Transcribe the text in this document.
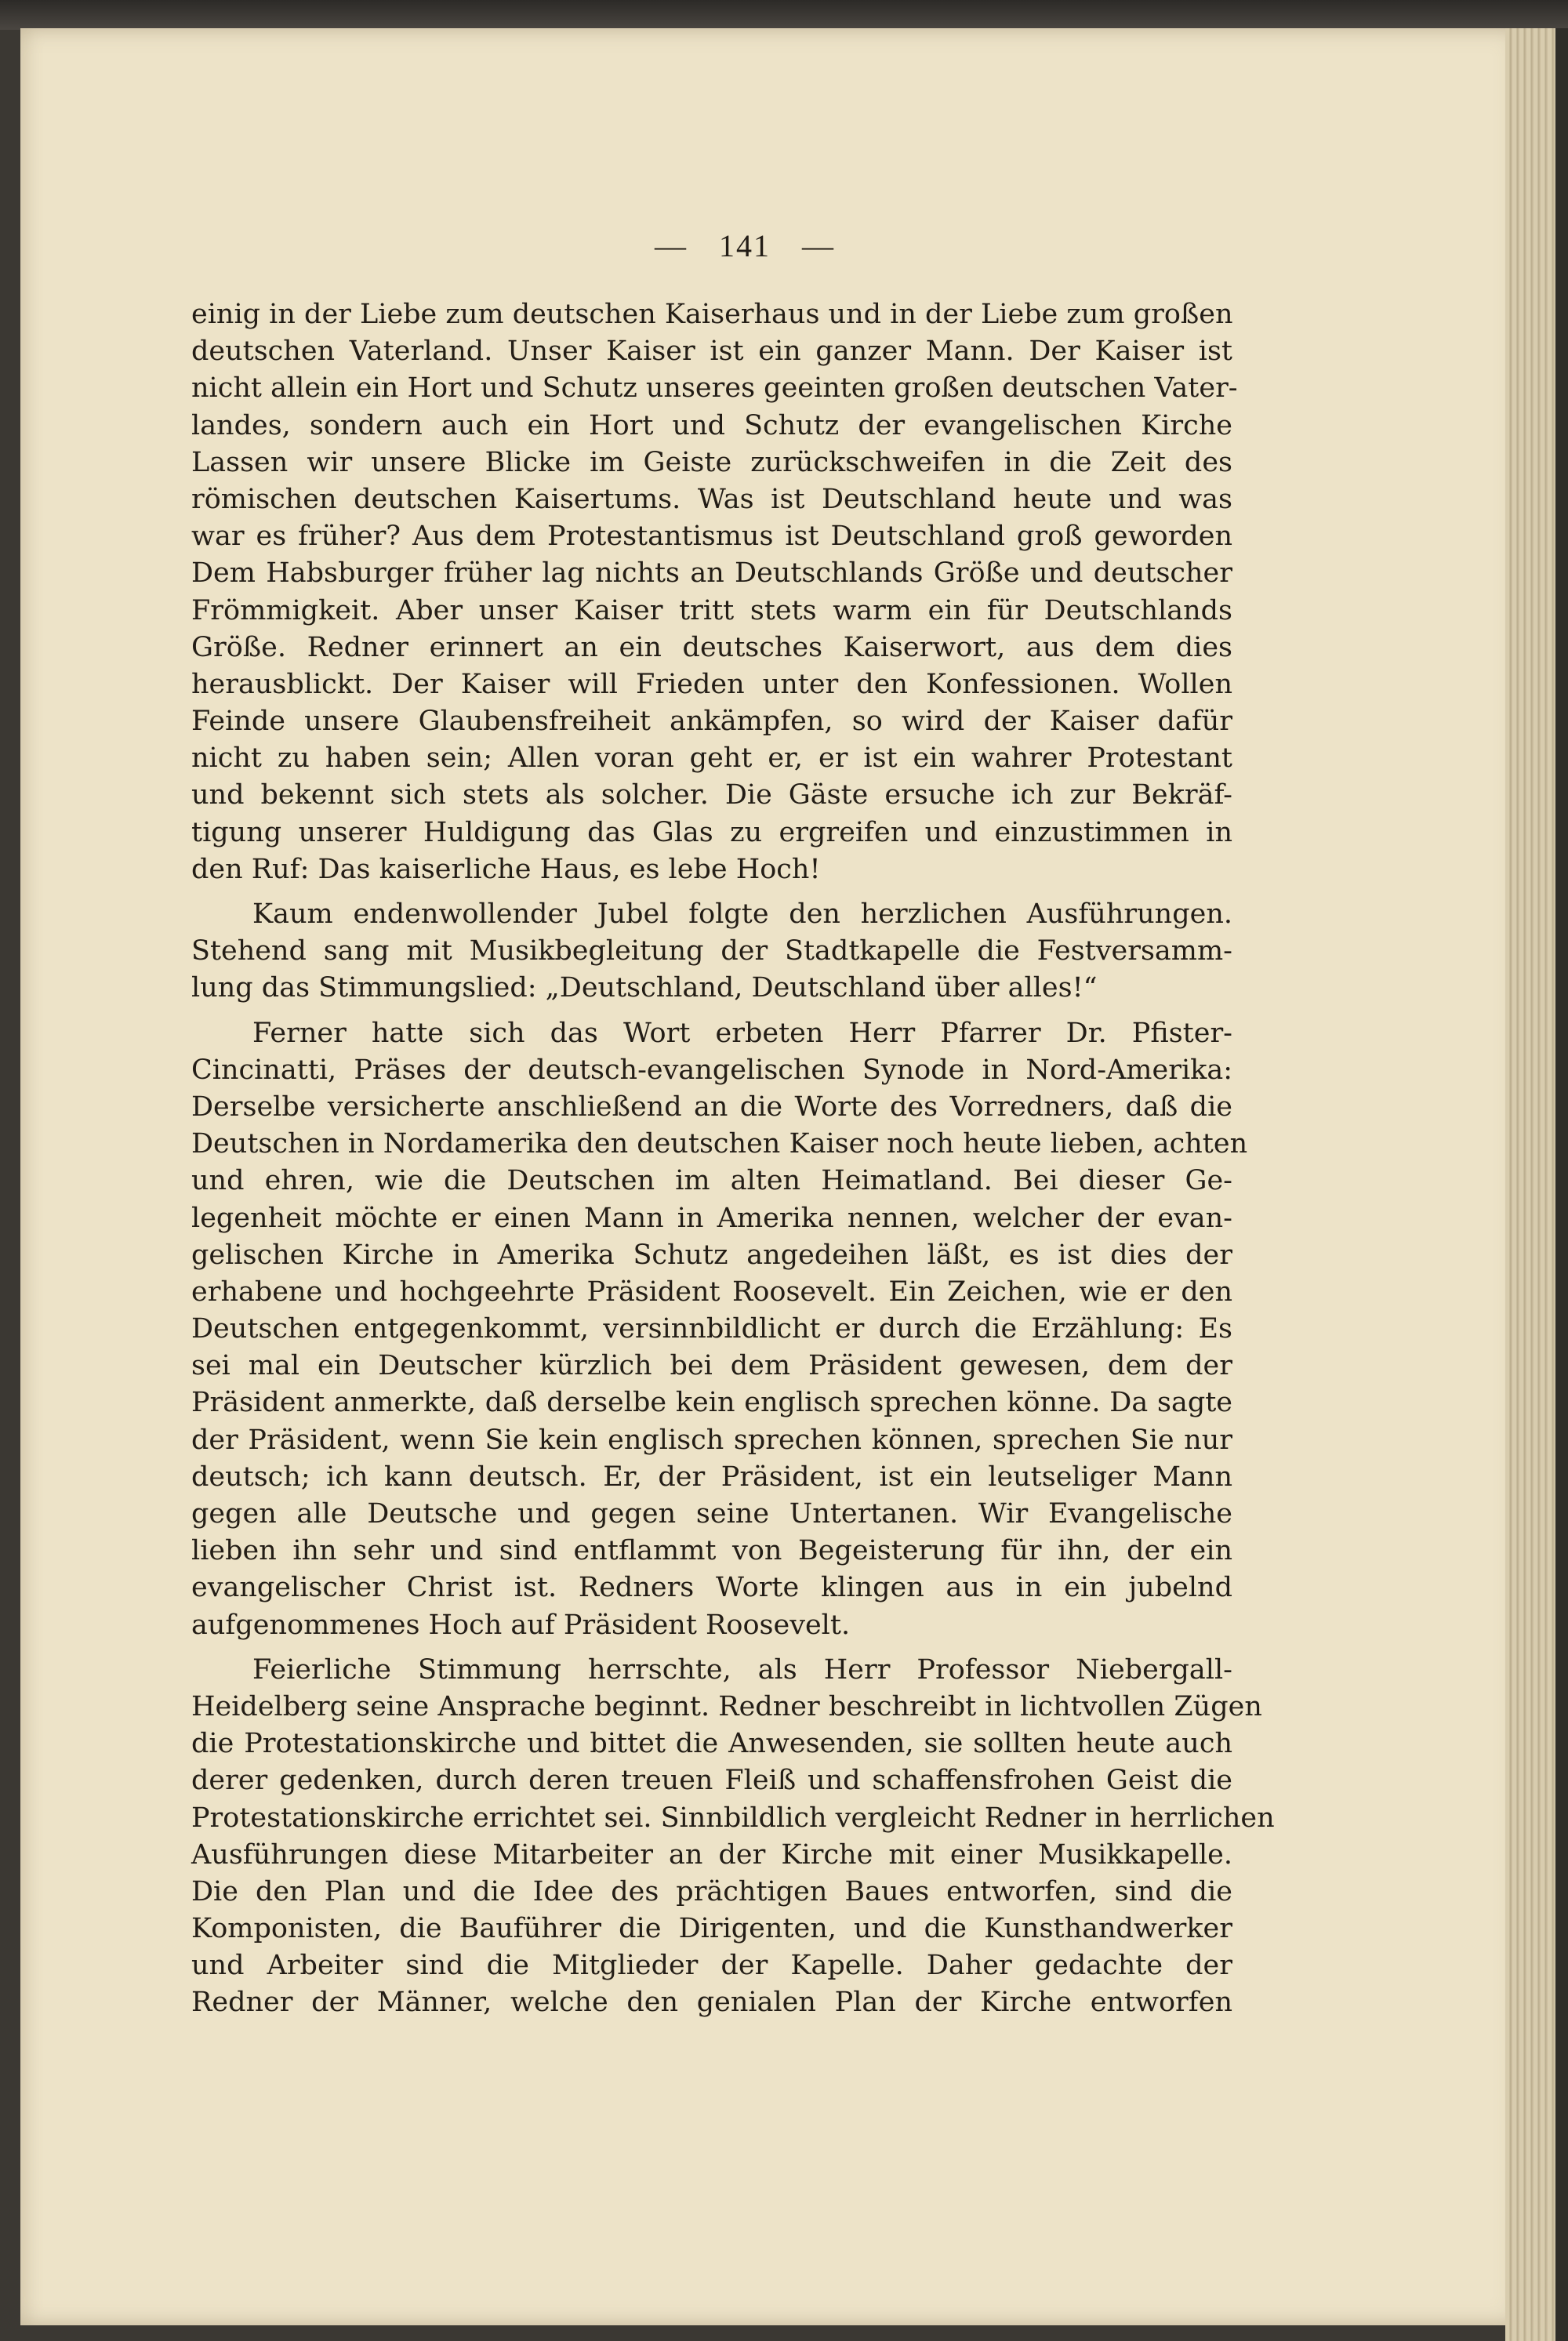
— 141 —
einig in der Liebe zum deutschen Kaiserhaus und in der Liebe zum großen
deutschen Vaterland. Unser Kaiser ist ein ganzer Mann. Der Kaiser ist
nicht allein ein Hort und Schutz unseres geeinten großen deutschen Vater-
landes, sondern auch ein Hort und Schutz der evangelischen Kirche
Lassen wir unsere Blicke im Geiste zurückschweifen in die Zeit des
römischen deutschen Kaisertums. Was ist Deutschland heute und was
war es früher? Aus dem Protestantismus ist Deutschland groß geworden
Dem Habsburger früher lag nichts an Deutschlands Größe und deutscher
Frömmigkeit. Aber unser Kaiser tritt stets warm ein für Deutschlands
Größe. Redner erinnert an ein deutsches Kaiserwort, aus dem dies
herausblickt. Der Kaiser will Frieden unter den Konfessionen. Wollen
Feinde unsere Glaubensfreiheit ankämpfen, so wird der Kaiser dafür
nicht zu haben sein; Allen voran geht er, er ist ein wahrer Protestant
und bekennt sich stets als solcher. Die Gäste ersuche ich zur Bekräf-
tigung unserer Huldigung das Glas zu ergreifen und einzustimmen in
den Ruf: Das kaiserliche Haus, es lebe Hoch!
Kaum endenwollender Jubel folgte den herzlichen Ausführungen.
Stehend sang mit Musikbegleitung der Stadtkapelle die Festversamm-
lung das Stimmungslied: „Deutschland, Deutschland über alles!“
Ferner hatte sich das Wort erbeten Herr Pfarrer Dr. Pfister-
Cincinatti, Präses der deutsch-evangelischen Synode in Nord-Amerika:
Derselbe versicherte anschließend an die Worte des Vorredners, daß die
Deutschen in Nordamerika den deutschen Kaiser noch heute lieben, achten
und ehren, wie die Deutschen im alten Heimatland. Bei dieser Ge-
legenheit möchte er einen Mann in Amerika nennen, welcher der evan-
gelischen Kirche in Amerika Schutz angedeihen läßt, es ist dies der
erhabene und hochgeehrte Präsident Roosevelt. Ein Zeichen, wie er den
Deutschen entgegenkommt, versinnbildlicht er durch die Erzählung: Es
sei mal ein Deutscher kürzlich bei dem Präsident gewesen, dem der
Präsident anmerkte, daß derselbe kein englisch sprechen könne. Da sagte
der Präsident, wenn Sie kein englisch sprechen können, sprechen Sie nur
deutsch; ich kann deutsch. Er, der Präsident, ist ein leutseliger Mann
gegen alle Deutsche und gegen seine Untertanen. Wir Evangelische
lieben ihn sehr und sind entflammt von Begeisterung für ihn, der ein
evangelischer Christ ist. Redners Worte klingen aus in ein jubelnd
aufgenommenes Hoch auf Präsident Roosevelt.
Feierliche Stimmung herrschte, als Herr Professor Niebergall-
Heidelberg seine Ansprache beginnt. Redner beschreibt in lichtvollen Zügen
die Protestationskirche und bittet die Anwesenden, sie sollten heute auch
derer gedenken, durch deren treuen Fleiß und schaffensfrohen Geist die
Protestationskirche errichtet sei. Sinnbildlich vergleicht Redner in herrlichen
Ausführungen diese Mitarbeiter an der Kirche mit einer Musikkapelle.
Die den Plan und die Idee des prächtigen Baues entworfen, sind die
Komponisten, die Bauführer die Dirigenten, und die Kunsthandwerker
und Arbeiter sind die Mitglieder der Kapelle. Daher gedachte der
Redner der Männer, welche den genialen Plan der Kirche entworfen
